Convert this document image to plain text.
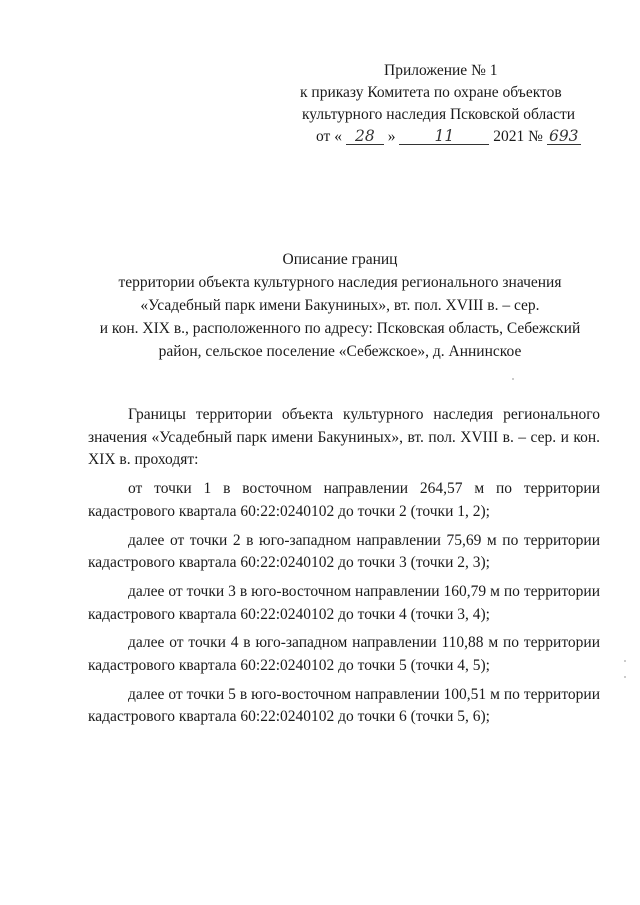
Приложение № 1
к приказу Комитета по охране объектов
культурного наследия Псковской области
от « 28 »	11	2021 № 693
Описание границ
территории объекта культурного наследия регионального значения
«Усадебный парк имени Бакуниных», вт. пол. XVIII в. – сер.
и кон. XIX в., расположенного по адресу: Псковская область, Себежский
район, сельское поселение «Себежское», д. Аннинское

Границы территории объекта культурного наследия регионального значения «Усадебный парк имени Бакуниных», вт. пол. XVIII в. – сер. и кон. XIX в. проходят:

от точки 1 в восточном направлении 264,57 м по территории кадастрового квартала 60:22:0240102 до точки 2 (точки 1, 2);

далее от точки 2 в юго-западном направлении 75,69 м по территории кадастрового квартала 60:22:0240102 до точки 3 (точки 2, 3);

далее от точки 3 в юго-восточном направлении 160,79 м по территории кадастрового квартала 60:22:0240102 до точки 4 (точки 3, 4);

далее от точки 4 в юго-западном направлении 110,88 м по территории кадастрового квартала 60:22:0240102 до точки 5 (точки 4, 5);

далее от точки 5 в юго-восточном направлении 100,51 м по территории кадастрового квартала 60:22:0240102 до точки 6 (точки 5, 6);
